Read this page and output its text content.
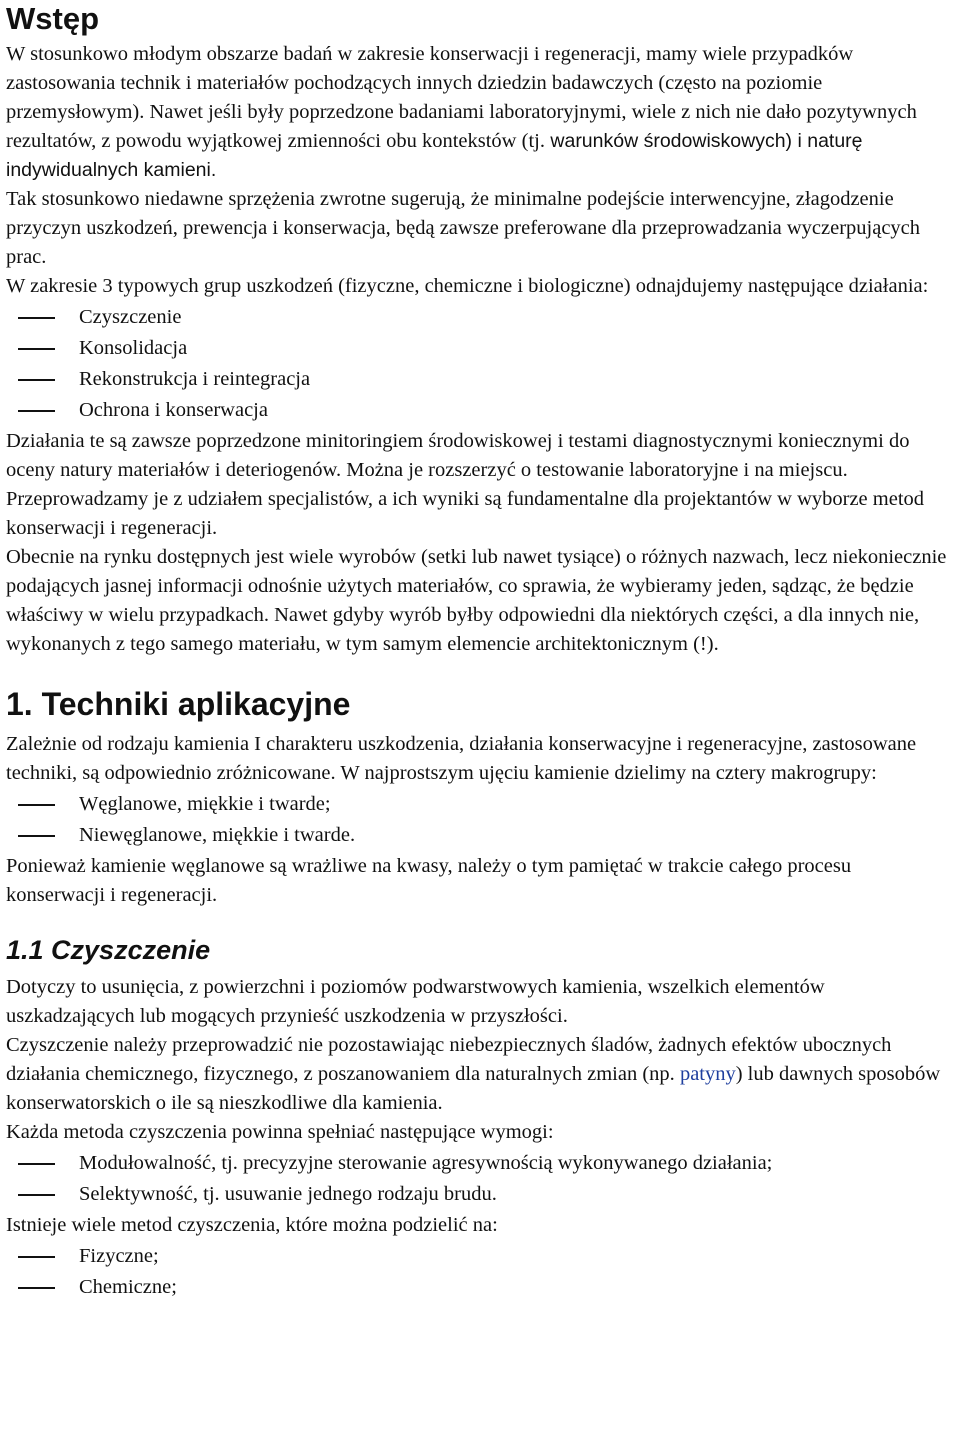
Wstęp

W stosunkowo młodym obszarze badań w zakresie konserwacji i regeneracji, mamy wiele przypadków zastosowania technik i materiałów pochodzących innych dziedzin badawczych (często na poziomie przemysłowym). Nawet jeśli były poprzedzone badaniami laboratoryjnymi, wiele z nich nie dało pozytywnych rezultatów, z powodu wyjątkowej zmienności obu kontekstów (tj. warunków środowiskowych) i naturę indywidualnych kamieni.

Tak stosunkowo niedawne sprzężenia zwrotne sugerują, że minimalne podejście interwencyjne, złagodzenie przyczyn uszkodzeń, prewencja i konserwacja, będą zawsze preferowane dla przeprowadzania wyczerpujących prac.

W zakresie 3 typowych grup uszkodzeń (fizyczne, chemiczne i biologiczne) odnajdujemy następujące działania:

Czyszczenie
Konsolidacja
Rekonstrukcja i reintegracja
Ochrona i konserwacja

Działania te są zawsze poprzedzone minitoringiem środowiskowej i testami diagnostycznymi koniecznymi do oceny natury materiałów i deteriogenów. Można je rozszerzyć o testowanie laboratoryjne i na miejscu. Przeprowadzamy je z udziałem specjalistów, a ich wyniki są fundamentalne dla projektantów w wyborze metod konserwacji i regeneracji.

Obecnie na rynku dostępnych jest wiele wyrobów (setki lub nawet tysiące) o różnych nazwach, lecz niekoniecznie podających jasnej informacji odnośnie użytych materiałów, co sprawia, że wybieramy jeden, sądząc, że będzie właściwy w wielu przypadkach. Nawet gdyby wyrób byłby odpowiedni dla niektórych części, a dla innych nie, wykonanych z tego samego materiału, w tym samym elemencie architektonicznym (!).

1. Techniki aplikacyjne

Zależnie od rodzaju kamienia I charakteru uszkodzenia, działania konserwacyjne i regeneracyjne, zastosowane techniki, są odpowiednio zróżnicowane. W najprostszym ujęciu kamienie dzielimy na cztery makrogrupy:

Węglanowe, miękkie i twarde;
Niewęglanowe, miękkie i twarde.

Ponieważ kamienie węglanowe są wrażliwe na kwasy, należy o tym pamiętać w trakcie całego procesu konserwacji i regeneracji.

1.1 Czyszczenie

Dotyczy to usunięcia, z powierzchni i poziomów podwarstwowych kamienia, wszelkich elementów uszkadzających lub mogących przynieść uszkodzenia w przyszłości.

Czyszczenie należy przeprowadzić nie pozostawiając niebezpiecznych śladów, żadnych efektów ubocznych działania chemicznego, fizycznego, z poszanowaniem dla naturalnych zmian (np. patyny) lub dawnych sposobów konserwatorskich o ile są nieszkodliwe dla kamienia.

Każda metoda czyszczenia powinna spełniać następujące wymogi:

Modułowalność, tj. precyzyjne sterowanie agresywnością wykonywanego działania;
Selektywność, tj. usuwanie jednego rodzaju brudu.

Istnieje wiele metod czyszczenia, które można podzielić na:

Fizyczne;
Chemiczne;
